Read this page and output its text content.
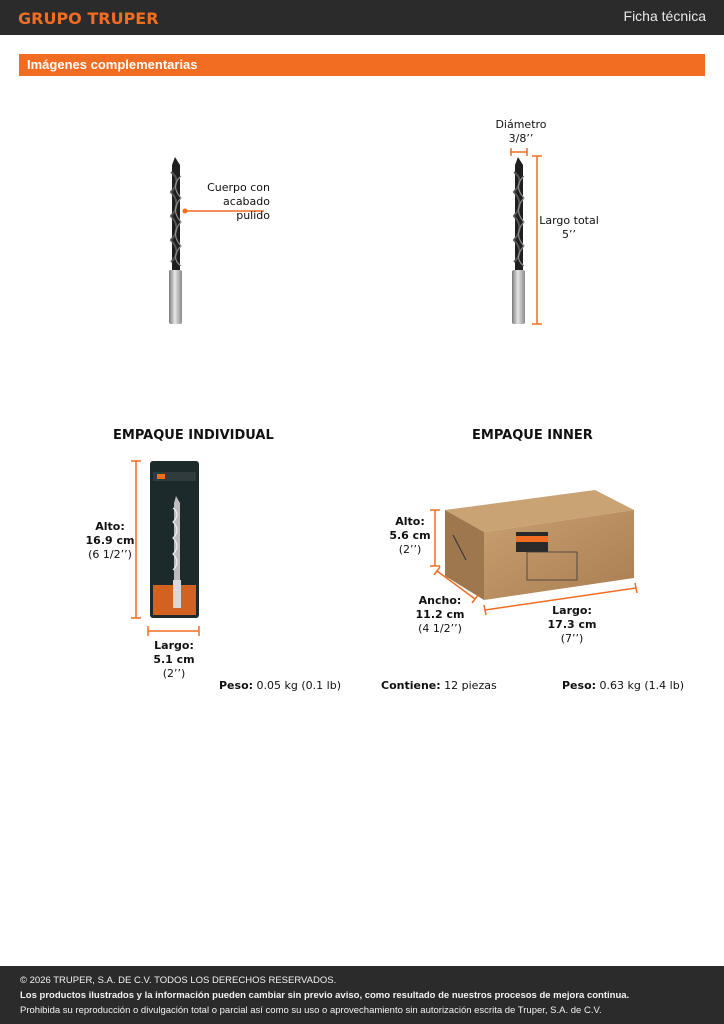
GRUPO TRUPER	Ficha técnica
Imágenes complementarias
Cuerpo con
acabado pulido
Diámetro
3/8’’
Largo total
5’’
EMPAQUE INDIVIDUAL
Alto:
16.9 cm
(6 1/2’’)
Largo:
5.1 cm
(2’’)
Peso: 0.05 kg (0.1 lb)
EMPAQUE INNER
Alto:
5.6 cm
(2’’)
Ancho:
11.2 cm
(4 1/2’’)
Largo:
17.3 cm
(7’’)
Contiene: 12 piezas	Peso: 0.63 kg (1.4 lb)
© 2026 TRUPER, S.A. DE C.V. TODOS LOS DERECHOS RESERVADOS.
Los productos ilustrados y la información pueden cambiar sin previo aviso, como resultado de nuestros procesos de mejora continua.
Prohibida su reproducción o divulgación total o parcial así como su uso o aprovechamiento sin autorización escrita de Truper, S.A. de C.V.
